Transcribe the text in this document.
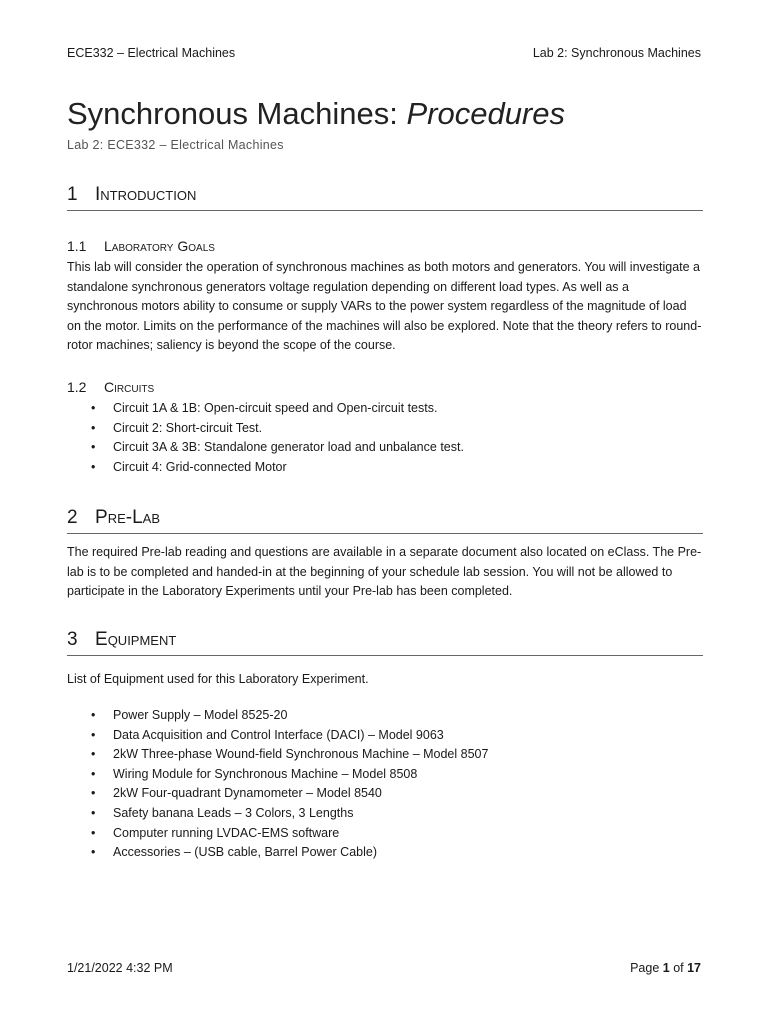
ECE332 – Electrical Machines	Lab 2: Synchronous Machines
Synchronous Machines: Procedures
Lab 2: ECE332 – Electrical Machines
1 Introduction
1.1 Laboratory Goals

This lab will consider the operation of synchronous machines as both motors and generators. You will investigate a standalone synchronous generators voltage regulation depending on different load types. As well as a synchronous motors ability to consume or supply VARs to the power system regardless of the magnitude of load on the motor. Limits on the performance of the machines will also be explored. Note that the theory refers to round-rotor machines; saliency is beyond the scope of the course.

1.2 Circuits
• Circuit 1A & 1B: Open-circuit speed and Open-circuit tests.
• Circuit 2: Short-circuit Test.
• Circuit 3A & 3B: Standalone generator load and unbalance test.
• Circuit 4: Grid-connected Motor
2 Pre-Lab

The required Pre-lab reading and questions are available in a separate document also located on eClass. The Pre-lab is to be completed and handed-in at the beginning of your schedule lab session. You will not be allowed to participate in the Laboratory Experiments until your Pre-lab has been completed.

3 Equipment

List of Equipment used for this Laboratory Experiment.

• Power Supply – Model 8525-20
• Data Acquisition and Control Interface (DACI) – Model 9063
• 2kW Three-phase Wound-field Synchronous Machine – Model 8507
• Wiring Module for Synchronous Machine – Model 8508
• 2kW Four-quadrant Dynamometer – Model 8540
• Safety banana Leads – 3 Colors, 3 Lengths
• Computer running LVDAC-EMS software
• Accessories – (USB cable, Barrel Power Cable)
1/21/2022 4:32 PM	Page 1 of 17
